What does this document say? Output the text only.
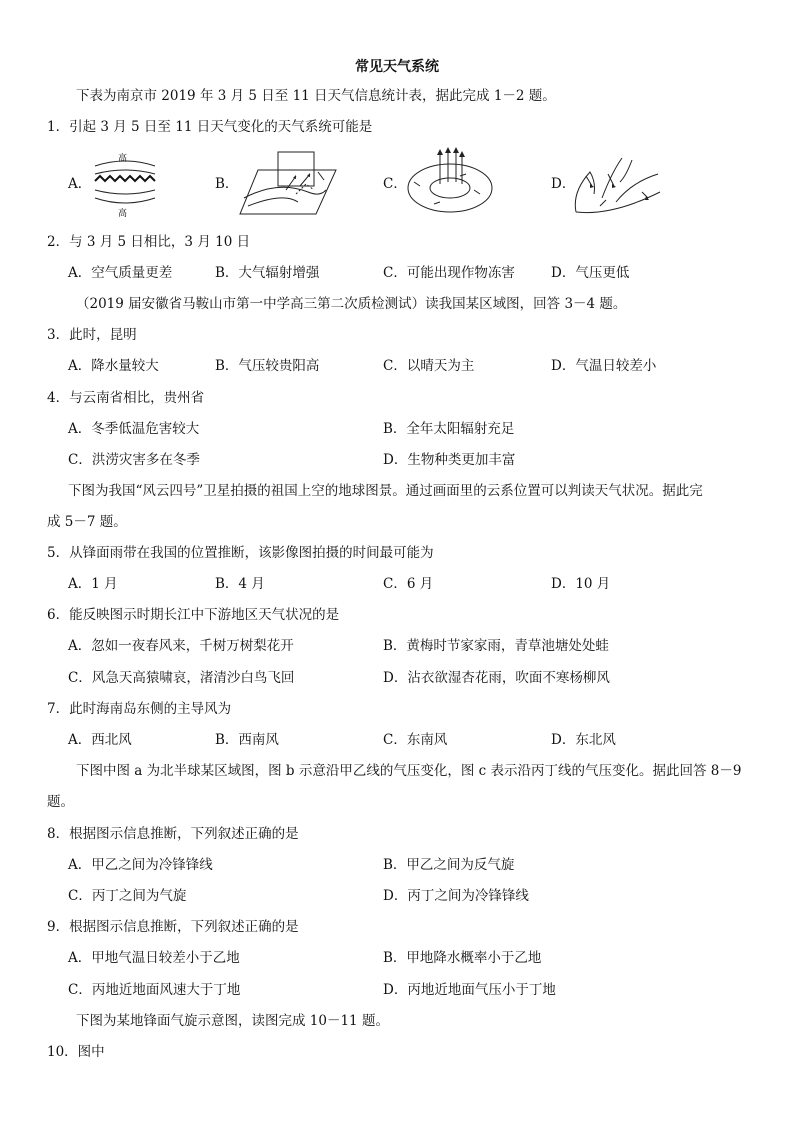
常见天气系统
下表为南京市 2019 年 3 月 5 日至 11 日天气信息统计表，据此完成 1－2 题。
1．引起 3 月 5 日至 11 日天气变化的天气系统可能是
A．
高
高
B．	C．	D．
2．与 3 月 5 日相比，3 月 10 日
A．空气质量更差	B．大气辐射增强	C．可能出现作物冻害	D．气压更低
（2019 届安徽省马鞍山市第一中学高三第二次质检测试）读我国某区域图，回答 3－4 题。
3．此时，昆明
A．降水量较大	B．气压较贵阳高	C．以晴天为主	D．气温日较差小
4．与云南省相比，贵州省
A．冬季低温危害较大	B．全年太阳辐射充足
C．洪涝灾害多在冬季	D．生物种类更加丰富
下图为我国“风云四号”卫星拍摄的祖国上空的地球图景。通过画面里的云系位置可以判读天气状况。据此完
成 5－7 题。
5．从锋面雨带在我国的位置推断，该影像图拍摄的时间最可能为
A．1 月	B．4 月	C．6 月	D．10 月
6．能反映图示时期长江中下游地区天气状况的是
A．忽如一夜春风来，千树万树梨花开	B．黄梅时节家家雨，青草池塘处处蛙
C．风急天高猿啸哀，渚清沙白鸟飞回	D．沾衣欲湿杏花雨，吹面不寒杨柳风
7．此时海南岛东侧的主导风为
A．西北风	B．西南风	C．东南风	D．东北风
下图中图 a 为北半球某区域图，图 b 示意沿甲乙线的气压变化，图 c 表示沿丙丁线的气压变化。据此回答 8－9
题。
8．根据图示信息推断，下列叙述正确的是
A．甲乙之间为冷锋锋线	B．甲乙之间为反气旋
C．丙丁之间为气旋	D．丙丁之间为冷锋锋线
9．根据图示信息推断，下列叙述正确的是
A．甲地气温日较差小于乙地	B．甲地降水概率小于乙地
C．丙地近地面风速大于丁地	D．丙地近地面气压小于丁地
下图为某地锋面气旋示意图，读图完成 10－11 题。
10．图中
